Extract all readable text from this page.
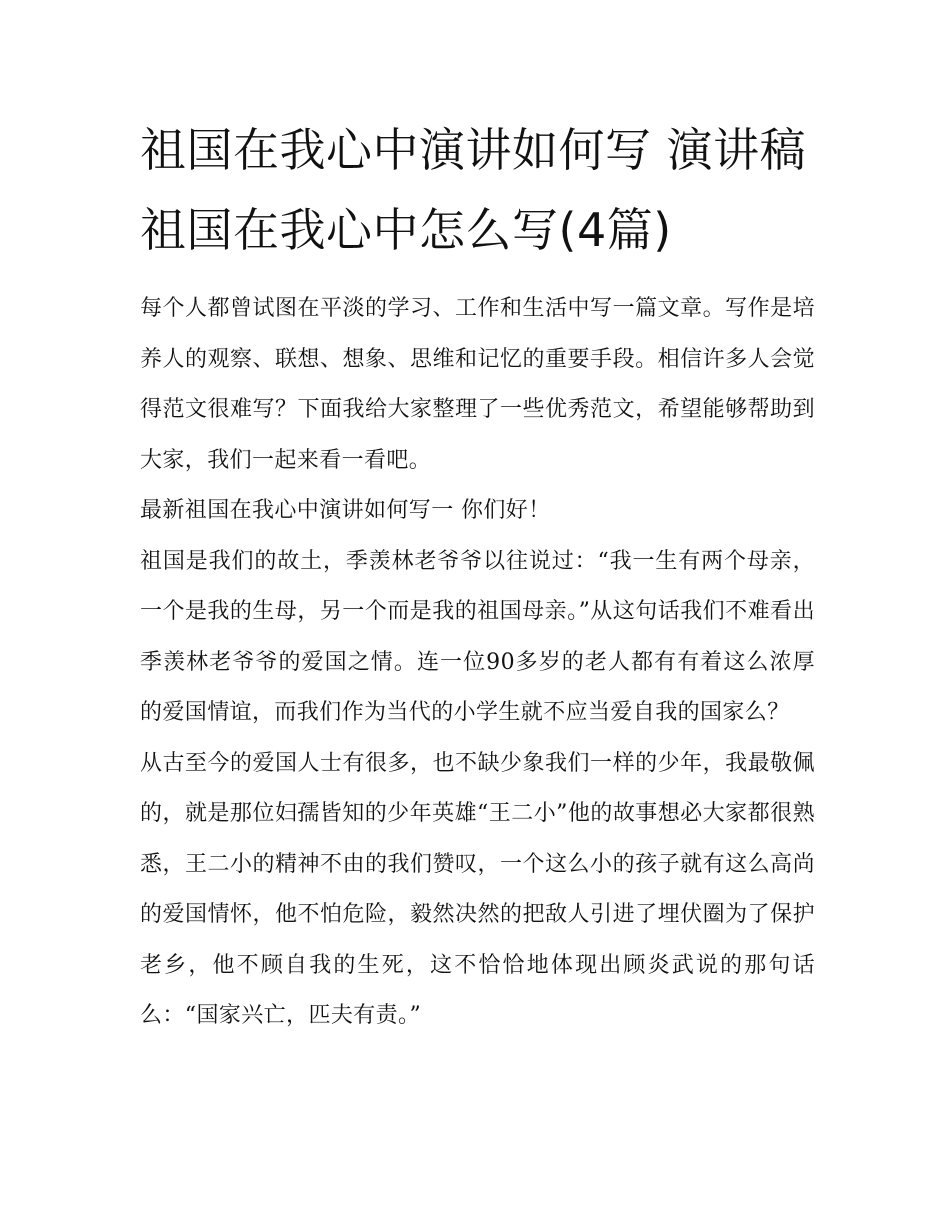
祖国在我心中演讲如何写 演讲稿祖国在我心中怎么写(4篇)

每个人都曾试图在平淡的学习、工作和生活中写一篇文章。写作是培养人的观察、联想、想象、思维和记忆的重要手段。相信许多人会觉得范文很难写？下面我给大家整理了一些优秀范文，希望能够帮助到大家，我们一起来看一看吧。

最新祖国在我心中演讲如何写一 你们好！

祖国是我们的故土，季羡林老爷爷以往说过：“我一生有两个母亲，一个是我的生母，另一个而是我的祖国母亲。”从这句话我们不难看出季羡林老爷爷的爱国之情。连一位90多岁的老人都有有着这么浓厚的爱国情谊，而我们作为当代的小学生就不应当爱自我的国家么？

从古至今的爱国人士有很多，也不缺少象我们一样的少年，我最敬佩的，就是那位妇孺皆知的少年英雄“王二小”他的故事想必大家都很熟悉，王二小的精神不由的我们赞叹，一个这么小的孩子就有这么高尚的爱国情怀，他不怕危险，毅然决然的把敌人引进了埋伏圈为了保护老乡，他不顾自我的生死，这不恰恰地体现出顾炎武说的那句话么：“国家兴亡，匹夫有责。”
